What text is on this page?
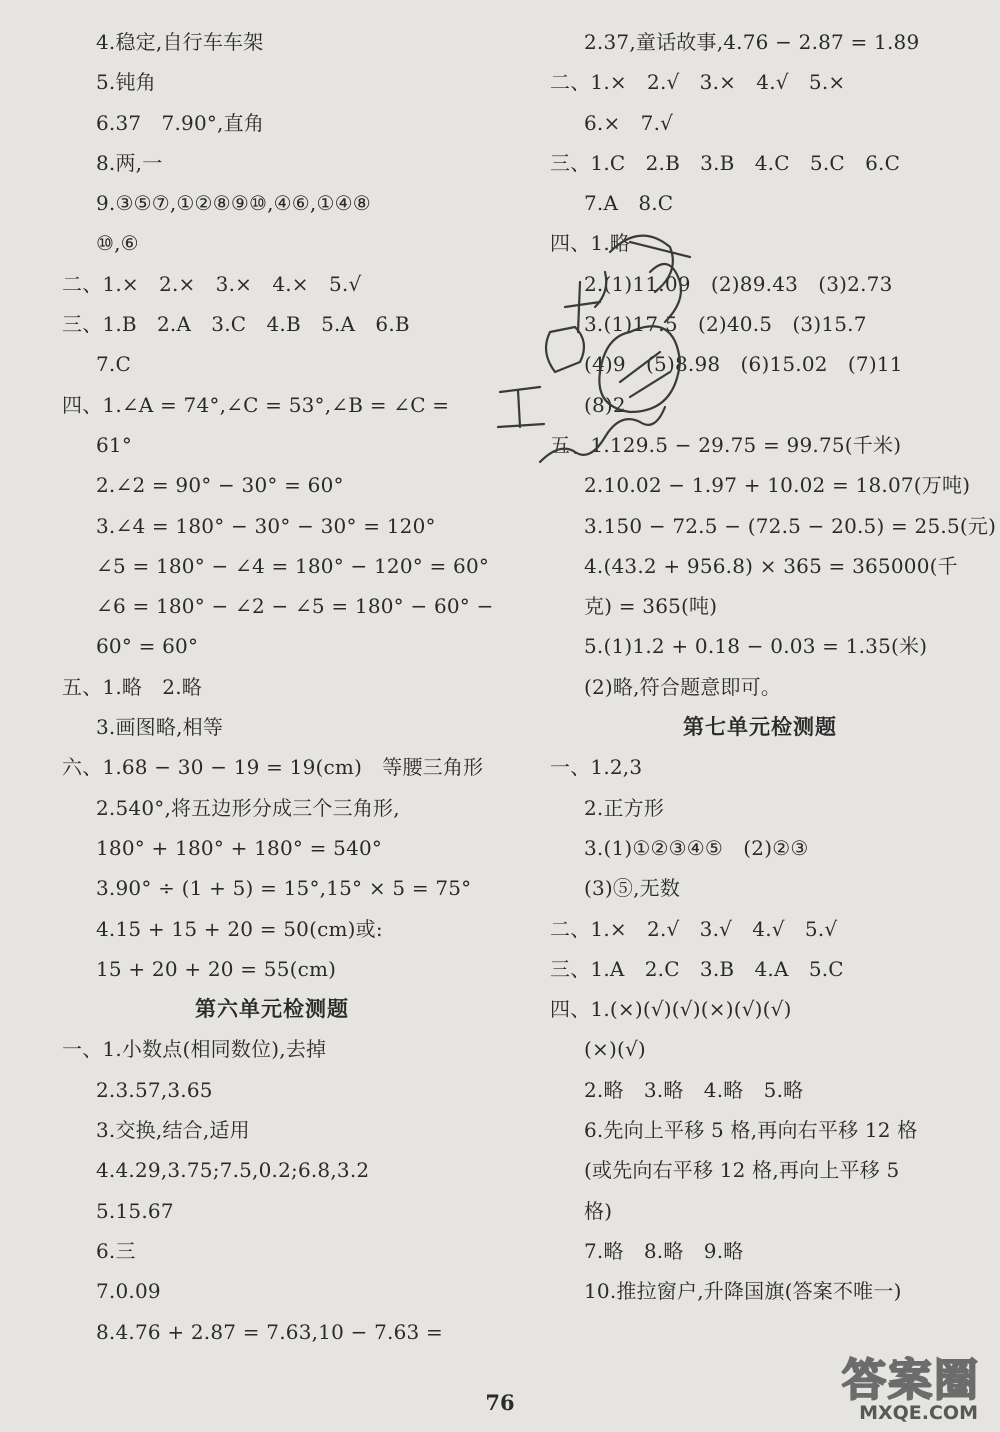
4.稳定,自行车车架
5.钝角
6.37　7.90°,直角
8.两,一
9.③⑤⑦,①②⑧⑨⑩,④⑥,①④⑧
⑩,⑥
二、1.×　2.×　3.×　4.×　5.√
三、1.B　2.A　3.C　4.B　5.A　6.B
7.C
四、1.∠A = 74°,∠C = 53°,∠B = ∠C =
61°
2.∠2 = 90° − 30° = 60°
3.∠4 = 180° − 30° − 30° = 120°
∠5 = 180° − ∠4 = 180° − 120° = 60°
∠6 = 180° − ∠2 − ∠5 = 180° − 60° −
60° = 60°
五、1.略　2.略
3.画图略,相等
六、1.68 − 30 − 19 = 19(cm)　等腰三角形
2.540°,将五边形分成三个三角形,
180° + 180° + 180° = 540°
3.90° ÷ (1 + 5) = 15°,15° × 5 = 75°
4.15 + 15 + 20 = 50(cm)或:
15 + 20 + 20 = 55(cm)
第六单元检测题
一、1.小数点(相同数位),去掉
2.3.57,3.65
3.交换,结合,适用
4.4.29,3.75;7.5,0.2;6.8,3.2
5.15.67
6.三
7.0.09
8.4.76 + 2.87 = 7.63,10 − 7.63 =
2.37,童话故事,4.76 − 2.87 = 1.89
二、1.×　2.√　3.×　4.√　5.×
6.×　7.√
三、1.C　2.B　3.B　4.C　5.C　6.C
7.A　8.C
四、1.略
2.(1)11.09　(2)89.43　(3)2.73
3.(1)17.5　(2)40.5　(3)15.7
(4)9　(5)8.98　(6)15.02　(7)11
(8)2
五、1.129.5 − 29.75 = 99.75(千米)
2.10.02 − 1.97 + 10.02 = 18.07(万吨)
3.150 − 72.5 − (72.5 − 20.5) = 25.5(元)
4.(43.2 + 956.8) × 365 = 365000(千
克) = 365(吨)
5.(1)1.2 + 0.18 − 0.03 = 1.35(米)
(2)略,符合题意即可。
第七单元检测题
一、1.2,3
2.正方形
3.(1)①②③④⑤　(2)②③
(3)⑤,无数
二、1.×　2.√　3.√　4.√　5.√
三、1.A　2.C　3.B　4.A　5.C
四、1.(×)(√)(√)(×)(√)(√)
(×)(√)
2.略　3.略　4.略　5.略
6.先向上平移 5 格,再向右平移 12 格
(或先向右平移 12 格,再向上平移 5
格)
7.略　8.略　9.略
10.推拉窗户,升降国旗(答案不唯一)
76	答案圈
MXQE.COM
